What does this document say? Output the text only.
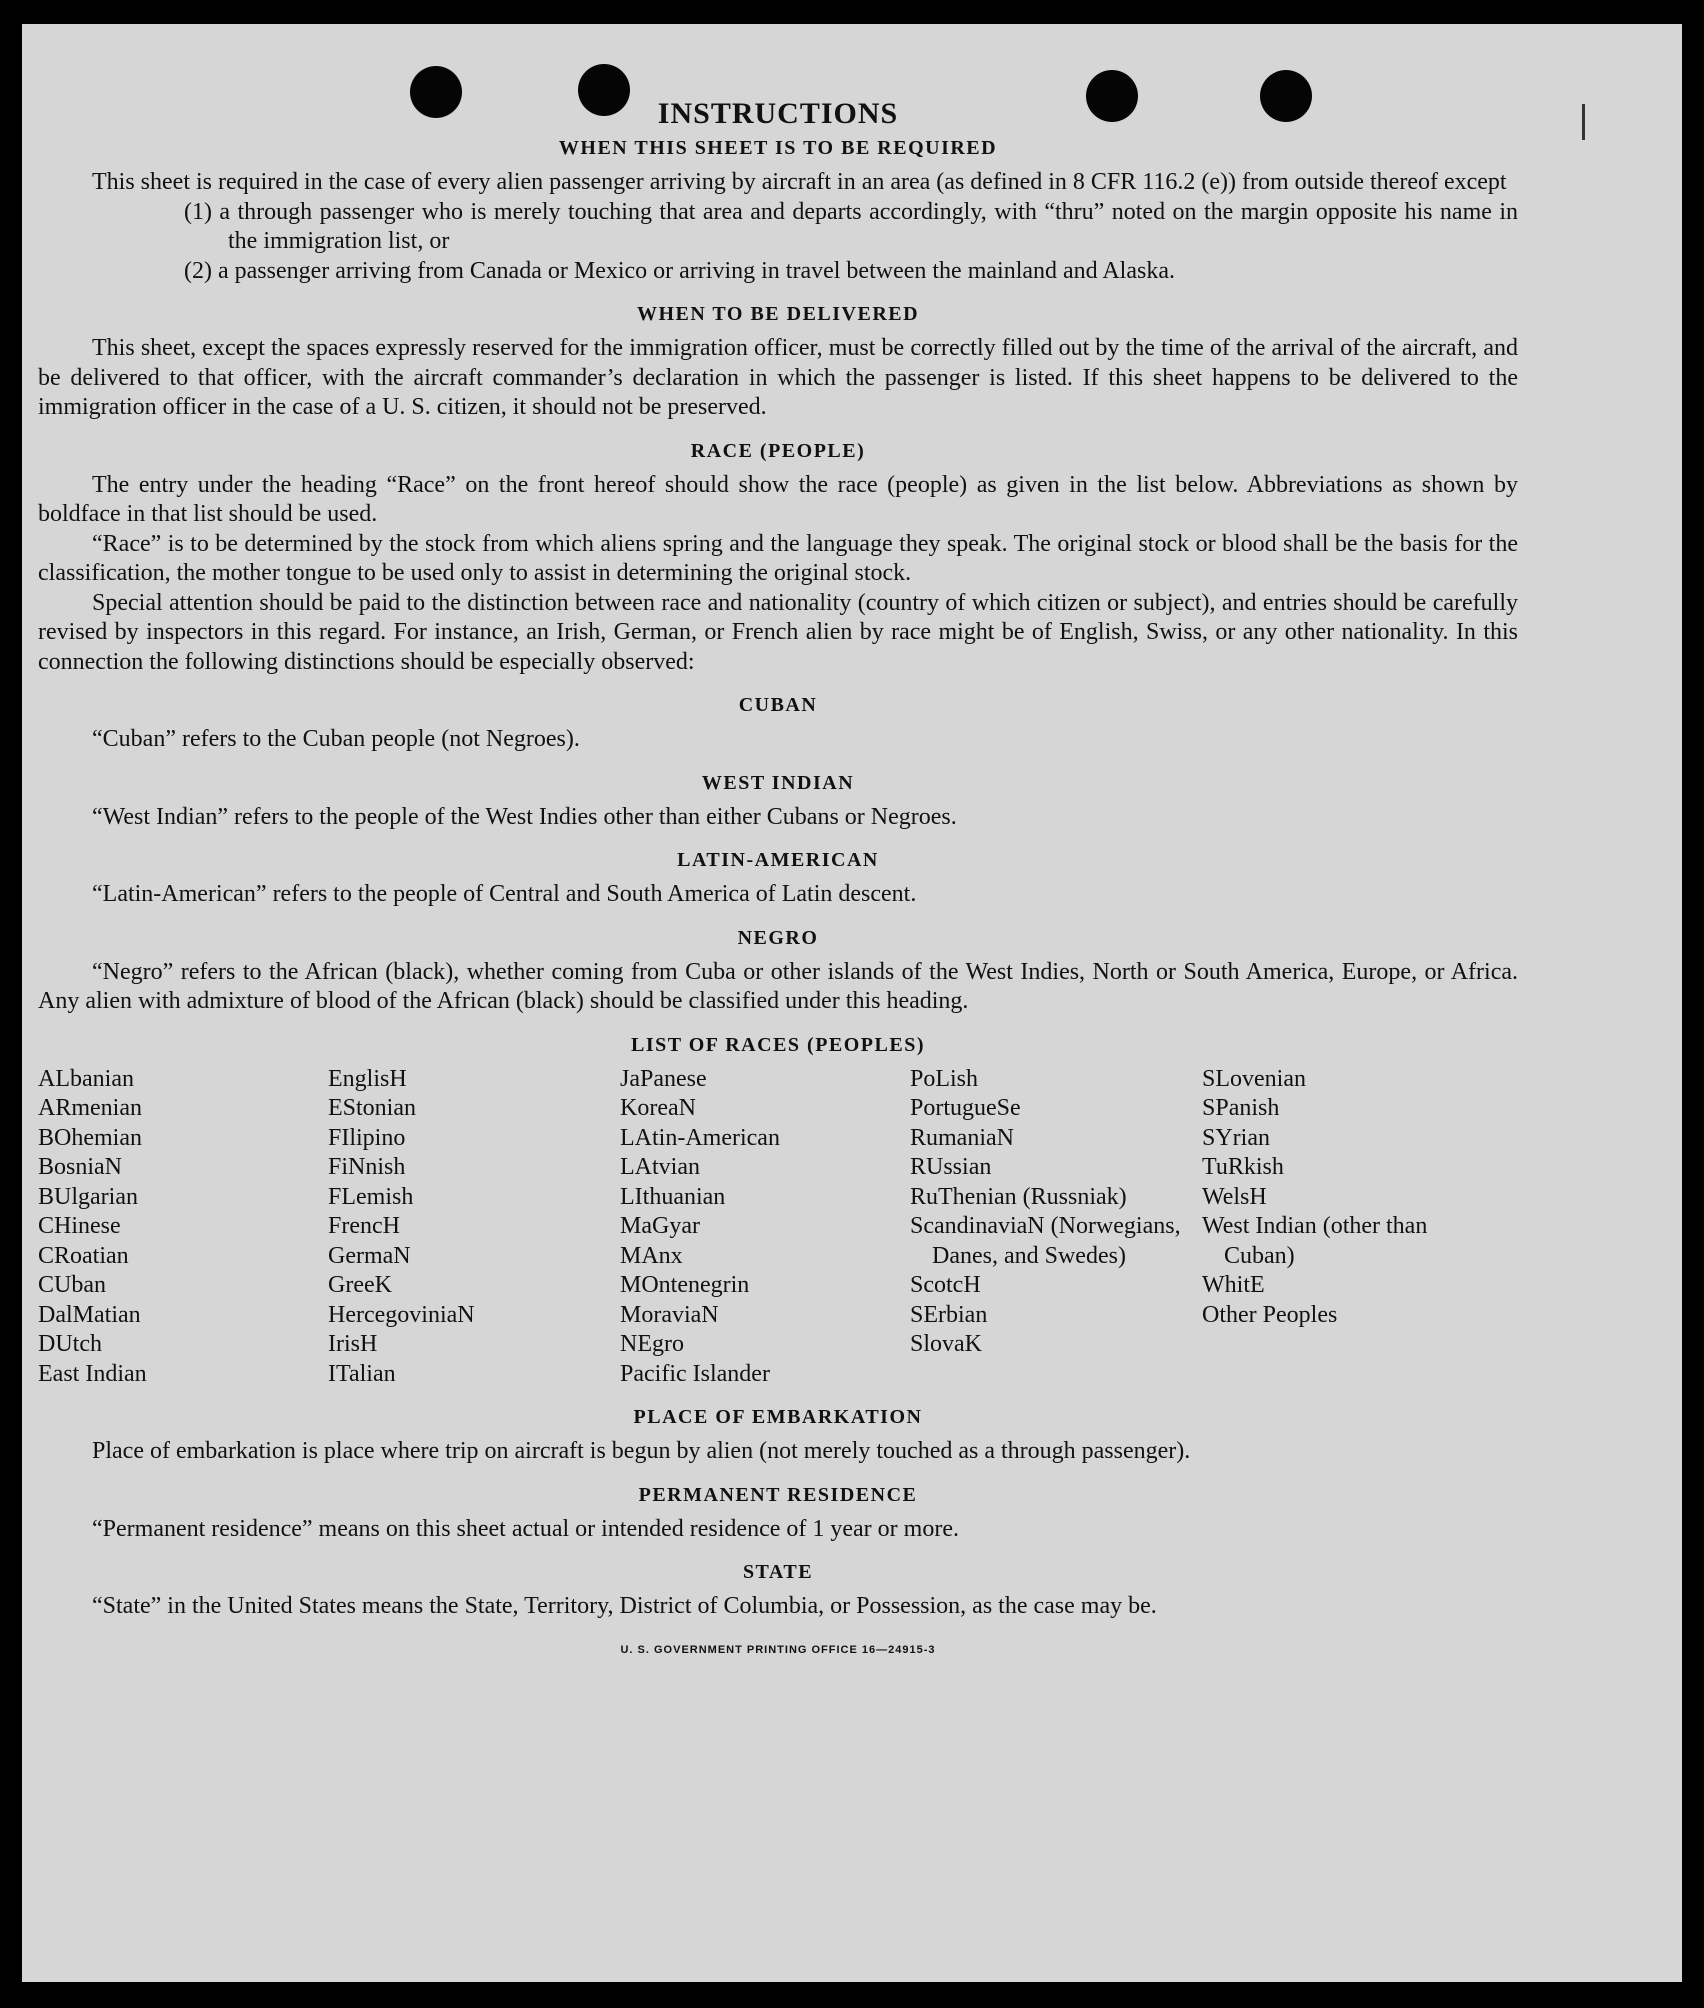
INSTRUCTIONS
WHEN THIS SHEET IS TO BE REQUIRED

This sheet is required in the case of every alien passenger arriving by aircraft in an area (as defined in 8 CFR 116.2 (e)) from outside thereof except

(1) a through passenger who is merely touching that area and departs accordingly, with “thru” noted on the margin opposite his name in the immigration list, or

(2) a passenger arriving from Canada or Mexico or arriving in travel between the mainland and Alaska.

WHEN TO BE DELIVERED

This sheet, except the spaces expressly reserved for the immigration officer, must be correctly filled out by the time of the arrival of the aircraft, and be delivered to that officer, with the aircraft commander’s declaration in which the passenger is listed. If this sheet happens to be delivered to the immigration officer in the case of a U. S. citizen, it should not be preserved.

RACE (PEOPLE)

The entry under the heading “Race” on the front hereof should show the race (people) as given in the list below. Abbreviations as shown by boldface in that list should be used.

“Race” is to be determined by the stock from which aliens spring and the language they speak. The original stock or blood shall be the basis for the classification, the mother tongue to be used only to assist in determining the original stock.

Special attention should be paid to the distinction between race and nationality (country of which citizen or subject), and entries should be carefully revised by inspectors in this regard. For instance, an Irish, German, or French alien by race might be of English, Swiss, or any other nationality. In this connection the following distinctions should be especially observed:

CUBAN

“Cuban” refers to the Cuban people (not Negroes).

WEST INDIAN

“West Indian” refers to the people of the West Indies other than either Cubans or Negroes.

LATIN-AMERICAN

“Latin-American” refers to the people of Central and South America of Latin descent.

NEGRO

“Negro” refers to the African (black), whether coming from Cuba or other islands of the West Indies, North or South America, Europe, or Africa. Any alien with admixture of blood of the African (black) should be classified under this heading.

LIST OF RACES (PEOPLES)
ALbanian
ARmenian
BOhemian
BosniaN
BUlgarian
CHinese
CRoatian
CUban
DalMatian
DUtch
East Indian
EnglisH
EStonian
FIlipino
FiNnish
FLemish
FrencH
GermaN
GreeK
HercegoviniaN
IrisH
ITalian
JaPanese
KoreaN
LAtin-American
LAtvian
LIthuanian
MaGyar
MAnx
MOntenegrin
MoraviaN
NEgro
Pacific Islander
PoLish
PortugueSe
RumaniaN
RUssian
RuThenian (Russniak)
ScandinaviaN (Norwegians, Danes, and Swedes)
ScotcH
SErbian
SlovaK
SLovenian
SPanish
SYrian
TuRkish
WelsH
West Indian (other than Cuban)
WhitE
Other Peoples
PLACE OF EMBARKATION

Place of embarkation is place where trip on aircraft is begun by alien (not merely touched as a through passenger).

PERMANENT RESIDENCE

“Permanent residence” means on this sheet actual or intended residence of 1 year or more.

STATE

“State” in the United States means the State, Territory, District of Columbia, or Possession, as the case may be.

U. S. GOVERNMENT PRINTING OFFICE 16—24915-3
